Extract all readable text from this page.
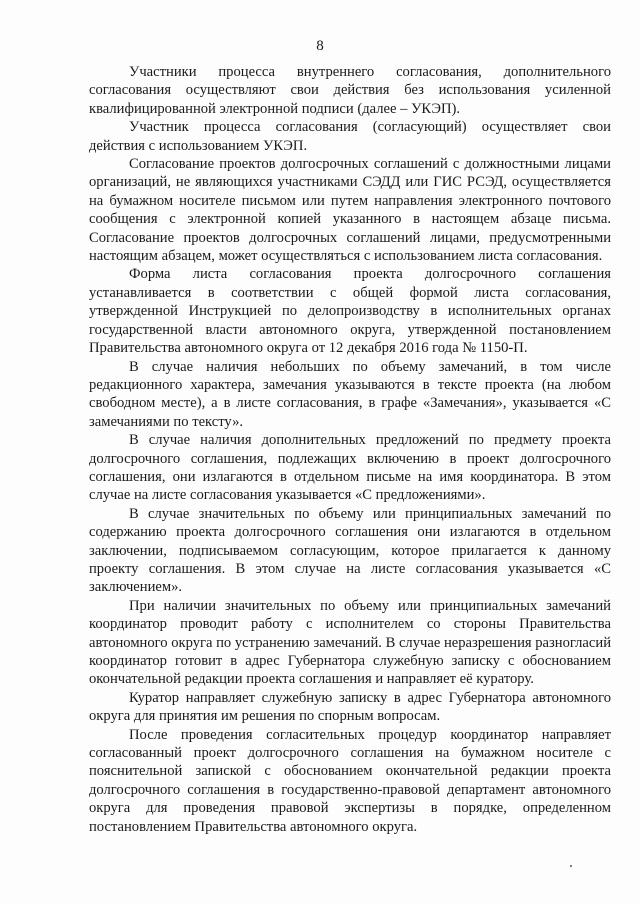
8

Участники процесса внутреннего согласования, дополнительного согласования осуществляют свои действия без использования усиленной квалифицированной электронной подписи (далее – УКЭП).

Участник процесса согласования (согласующий) осуществляет свои действия с использованием УКЭП.

Согласование проектов долгосрочных соглашений с должностными лицами организаций, не являющихся участниками СЭДД или ГИС РСЭД, осуществляется на бумажном носителе письмом или путем направления электронного почтового сообщения с электронной копией указанного в настоящем абзаце письма. Согласование проектов долгосрочных соглашений лицами, предусмотренными настоящим абзацем, может осуществляться с использованием листа согласования.

Форма листа согласования проекта долгосрочного соглашения устанавливается в соответствии с общей формой листа согласования, утвержденной Инструкцией по делопроизводству в исполнительных органах государственной власти автономного округа, утвержденной постановлением Правительства автономного округа от 12 декабря 2016 года № 1150-П.

В случае наличия небольших по объему замечаний, в том числе редакционного характера, замечания указываются в тексте проекта (на любом свободном месте), а в листе согласования, в графе «Замечания», указывается «С замечаниями по тексту».

В случае наличия дополнительных предложений по предмету проекта долгосрочного соглашения, подлежащих включению в проект долгосрочного соглашения, они излагаются в отдельном письме на имя координатора. В этом случае на листе согласования указывается «С предложениями».

В случае значительных по объему или принципиальных замечаний по содержанию проекта долгосрочного соглашения они излагаются в отдельном заключении, подписываемом согласующим, которое прилагается к данному проекту соглашения. В этом случае на листе согласования указывается «С заключением».

При наличии значительных по объему или принципиальных замечаний координатор проводит работу с исполнителем со стороны Правительства автономного округа по устранению замечаний. В случае неразрешения разногласий координатор готовит в адрес Губернатора служебную записку с обоснованием окончательной редакции проекта соглашения и направляет её куратору.

Куратор направляет служебную записку в адрес Губернатора автономного округа для принятия им решения по спорным вопросам.

После проведения согласительных процедур координатор направляет согласованный проект долгосрочного соглашения на бумажном носителе с пояснительной запиской с обоснованием окончательной редакции проекта долгосрочного соглашения в государственно-правовой департамент автономного округа для проведения правовой экспертизы в порядке, определенном постановлением Правительства автономного округа.
